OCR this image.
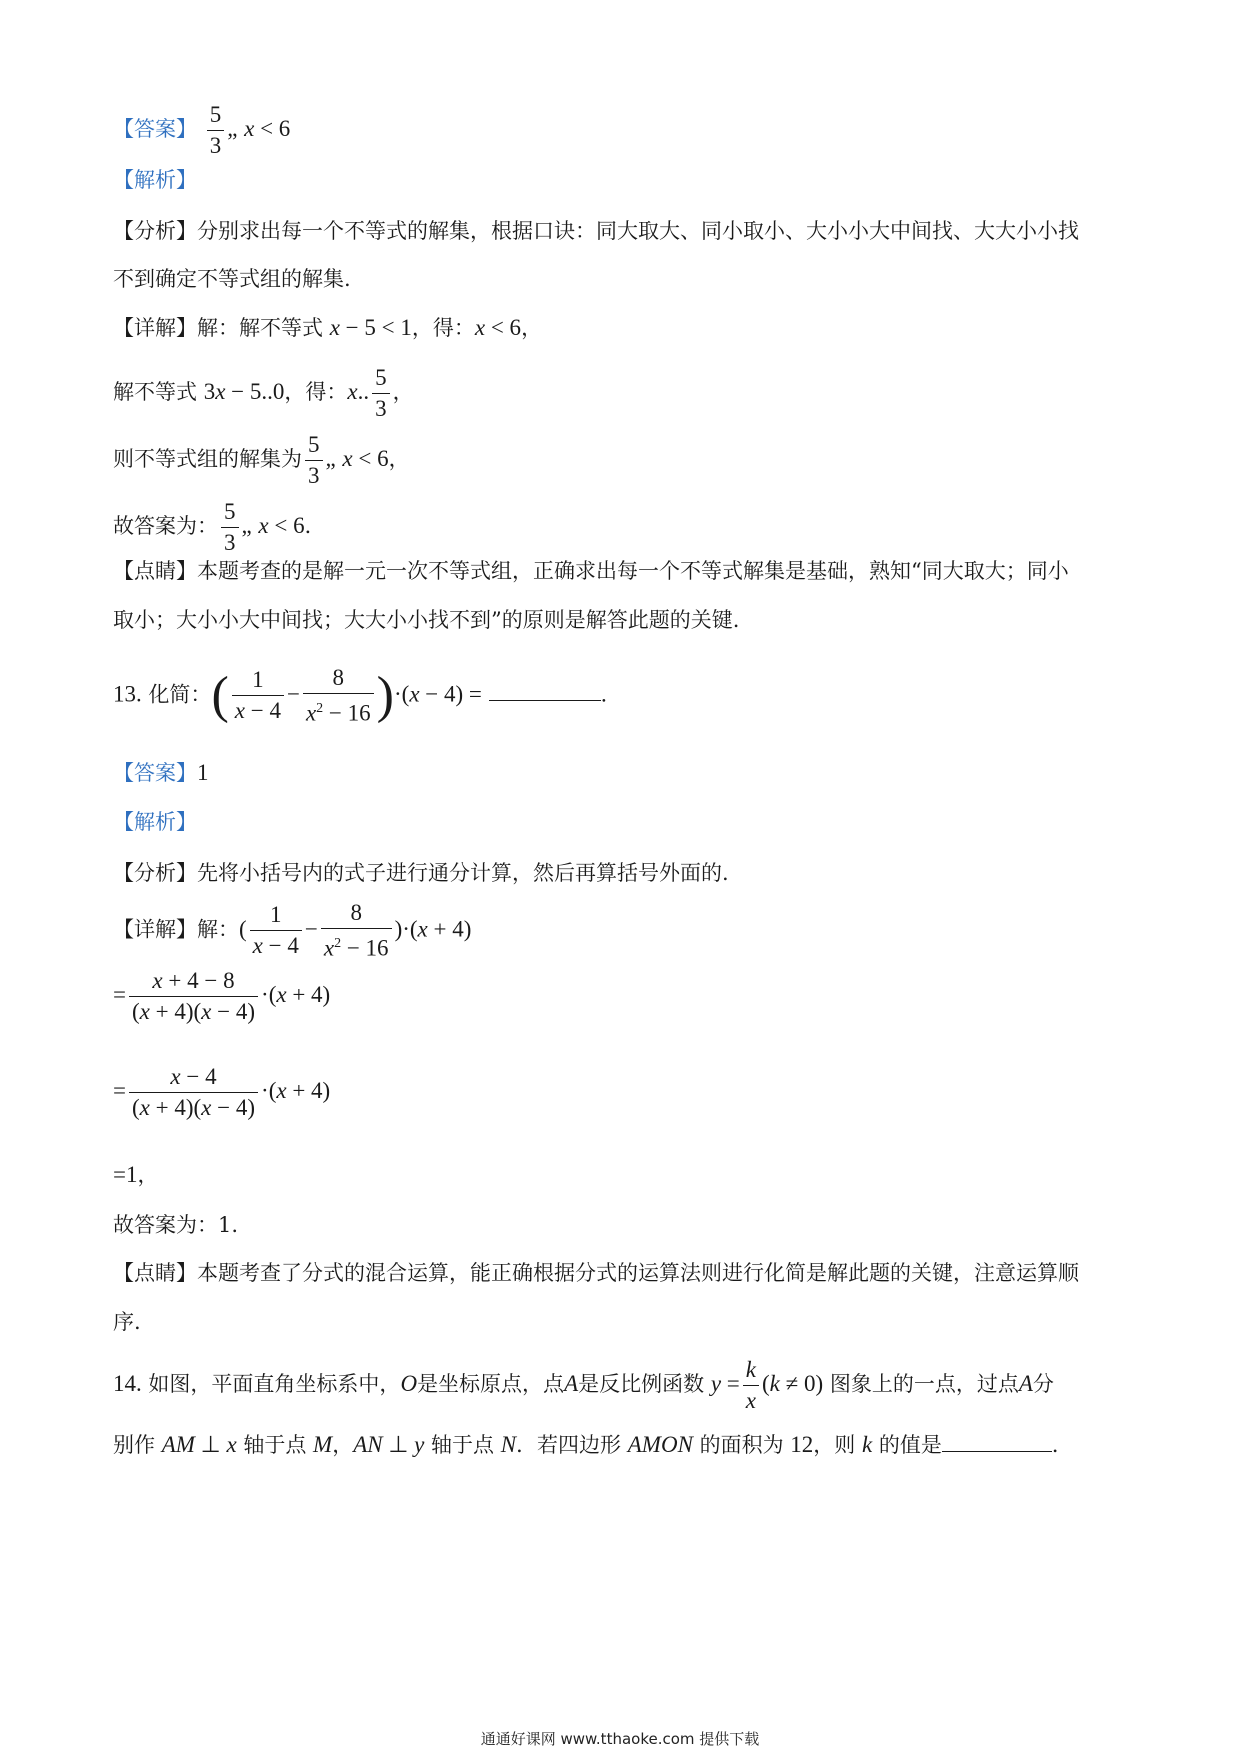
【答案】 $\frac{5}{3}$ „ x < 6
【解析】
【分析】分别求出每一个不等式的解集，根据口诀：同大取大、同小取小、大小小大中间找、大大小小找
不到确定不等式组的解集.
【详解】解：解不等式 x − 5 < 1，得：x < 6，
解不等式 3x − 5..0，得：x.. $\frac{5}{3}$ ，
则不等式组的解集为 $\frac{5}{3}$ „ x < 6，
故答案为： $\frac{5}{3}$ „ x < 6．
【点睛】本题考查的是解一元一次不等式组，正确求出每一个不等式解集是基础，熟知“同大取大；同小
取小；大小小大中间找；大大小小找不到”的原则是解答此题的关键.
13. 化简：( $\frac{1}{x - 4} - \frac{8}{x^2 - 16} )\cdot(x - 4)$ =	．
【答案】1
【解析】
【分析】先将小括号内的式子进行通分计算，然后再算括号外面的.
【详解】解：( $\frac{1}{x - 4} - \frac{8}{x^2 - 16} )\cdot(x + 4)$
= $\frac{x + 4 - 8}{(x + 4)(x - 4)} \cdot(x + 4)$
= $\frac{x - 4}{(x + 4)(x - 4)} \cdot(x + 4)$
=1，
故答案为：1.
【点睛】本题考查了分式的混合运算，能正确根据分式的运算法则进行化简是解此题的关键，注意运算顺
序.
14. 如图，平面直角坐标系中，O是坐标原点，点A是反比例函数 $y = \frac{k}{x} (k \ne 0)$ 图象上的一点，过点A分
别作 AM ⊥ x 轴于点 M，AN ⊥ y 轴于点 N．若四边形 AMON 的面积为 12，则 k 的值是	．
通通好课网 www.tthaoke.com 提供下载
